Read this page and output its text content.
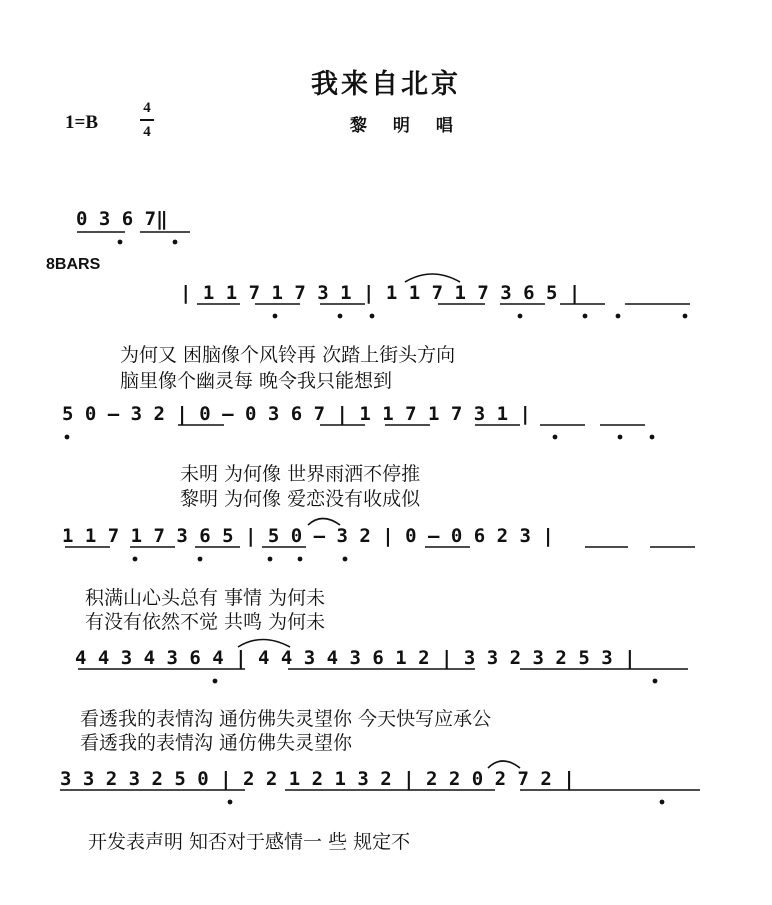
我来自北京
1=B
4
4	黎 明 唱
0 3 6 7‖
8BARS
| 1 1 7 1 7 3 1 | 1 1 7 1 7 3 6 5 |
为何又 困脑像个风铃再 次踏上街头方向
脑里像个幽灵每 晚令我只能想到
5 0 — 3 2 | 0 — 0 3 6 7 | 1 1 7 1 7 3 1 |
未明 为何像 世界雨洒不停推
黎明 为何像 爱恋没有收成似
1 1 7 1 7 3 6 5 | 5 0 — 3 2 | 0 — 0 6 2 3 |
积满山心头总有 事情 为何未
有没有依然不觉 共鸣 为何未
4 4 3 4 3 6 4 | 4 4 3 4 3 6 1 2 | 3 3 2 3 2 5 3 |
看透我的表情沟 通仿佛失灵望你 今天快写应承公
看透我的表情沟 通仿佛失灵望你
3 3 2 3 2 5 0 | 2 2 1 2 1 3 2 | 2 2 0 2 7 2 |
开发表声明 知否对于感情一 些 规定不
